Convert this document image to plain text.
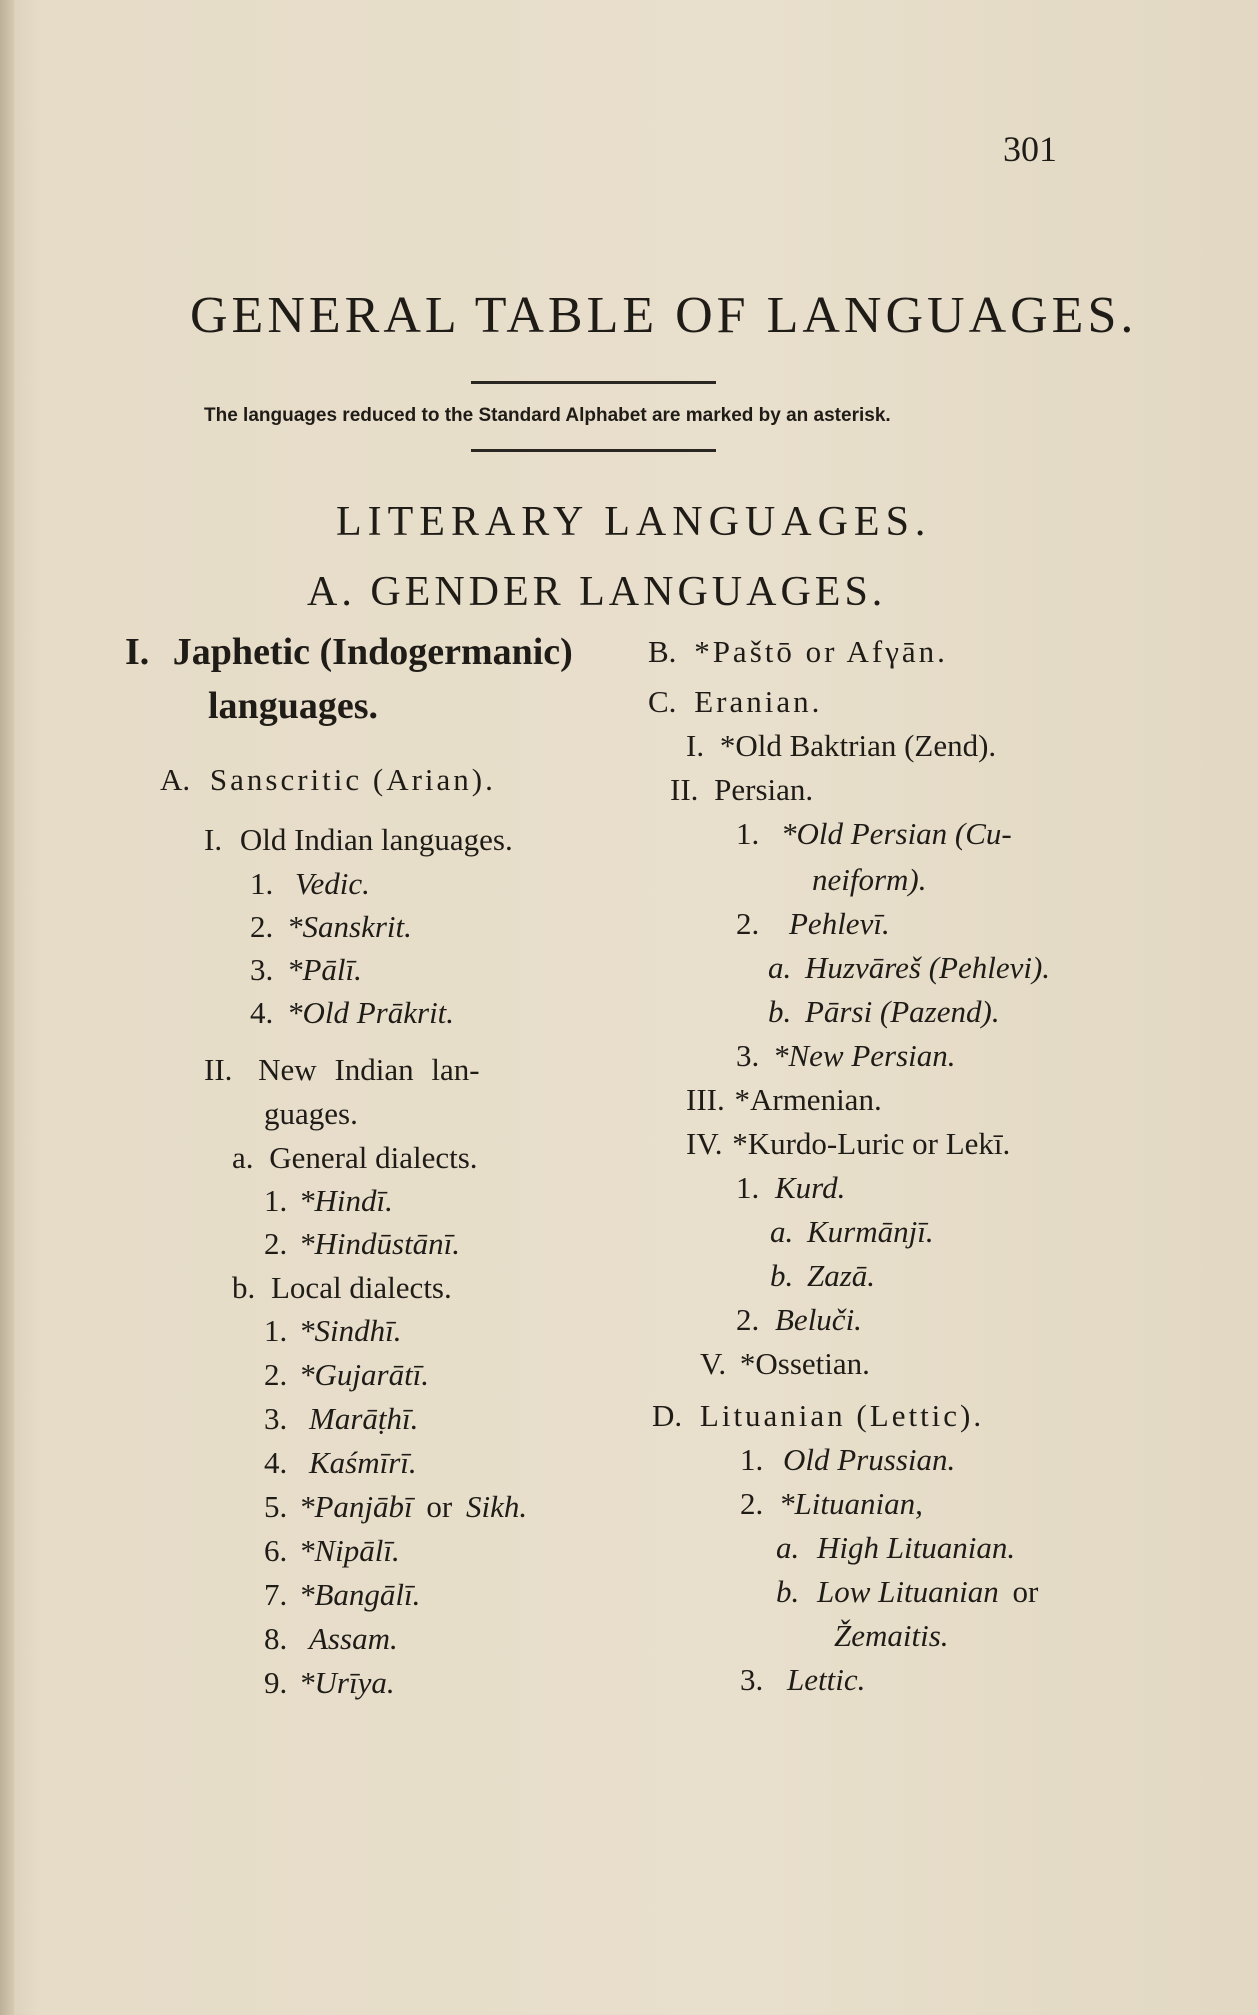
301
GENERAL TABLE OF LANGUAGES.
The languages reduced to the Standard Alphabet are marked by an asterisk.
LITERARY LANGUAGES.
A. GENDER LANGUAGES.
I. Japhetic (Indogermanic)
languages.
A. Sanscritic (Arian).
I. Old Indian languages.
1. Vedic.
2. *Sanskrit.
3. *Pālī.
4. *Old Prākrit.
II. New Indian lan-
guages.
a. General dialects.
1. *Hindī.
2. *Hindūstānī.
b. Local dialects.
1. *Sindhī.
2. *Gujarātī.
3. Marāṭhī.
4. Kaśmīrī.
5. *Panjābī or Sikh.
6. *Nipālī.
7. *Bangālī.
8. Assam.
9. *Urīya.
B. *Paštō or Afγān.
C. Eranian.
I. *Old Baktrian (Zend).
II. Persian.
1. *Old Persian (Cu-
neiform).
2. Pehlevī.
a. Huzvāreš (Pehlevi).
b. Pārsi (Pazend).
3. *New Persian.
III. *Armenian.
IV. *Kurdo-Luric or Lekī.
1. Kurd.
a. Kurmānjī.
b. Zazā.
2. Beluči.
V. *Ossetian.
D. Lituanian (Lettic).
1. Old Prussian.
2. *Lituanian,
a. High Lituanian.
b. Low Lituanian or
Žemaitis.
3. Lettic.
